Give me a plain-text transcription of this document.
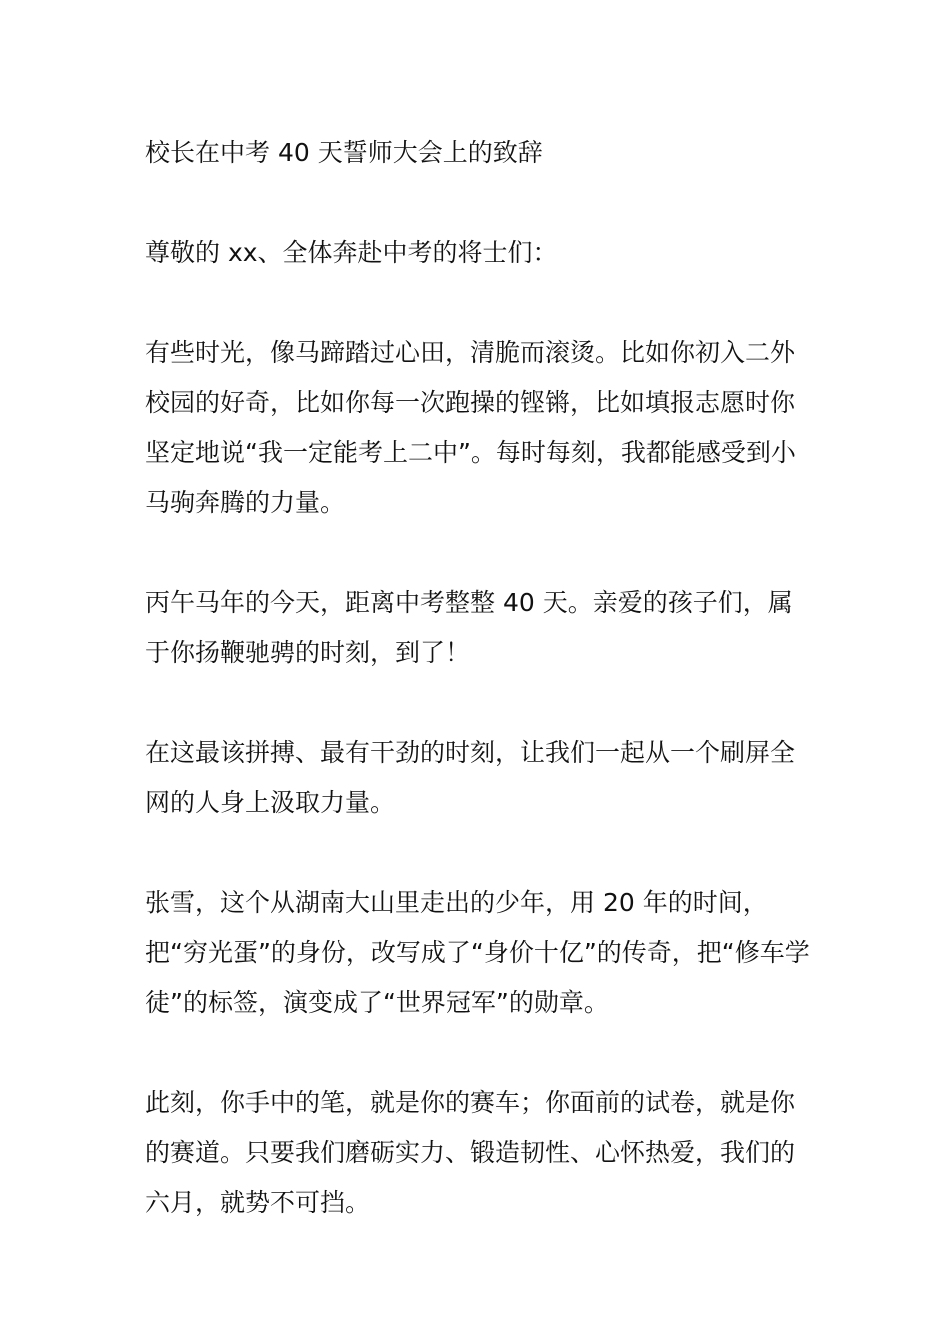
校长在中考 40 天誓师大会上的致辞

尊敬的 xx、全体奔赴中考的将士们：

有些时光，像马蹄踏过心田，清脆而滚烫。比如你初入二外校园的好奇，比如你每一次跑操的铿锵，比如填报志愿时你坚定地说“我一定能考上二中”。每时每刻，我都能感受到小马驹奔腾的力量。

丙午马年的今天，距离中考整整 40 天。亲爱的孩子们，属于你扬鞭驰骋的时刻，到了！

在这最该拼搏、最有干劲的时刻，让我们一起从一个刷屏全网的人身上汲取力量。

张雪，这个从湖南大山里走出的少年，用 20 年的时间，把“穷光蛋”的身份，改写成了“身价十亿”的传奇，把“修车学徒”的标签，演变成了“世界冠军”的勋章。

此刻，你手中的笔，就是你的赛车；你面前的试卷，就是你的赛道。只要我们磨砺实力、锻造韧性、心怀热爱，我们的六月，就势不可挡。
